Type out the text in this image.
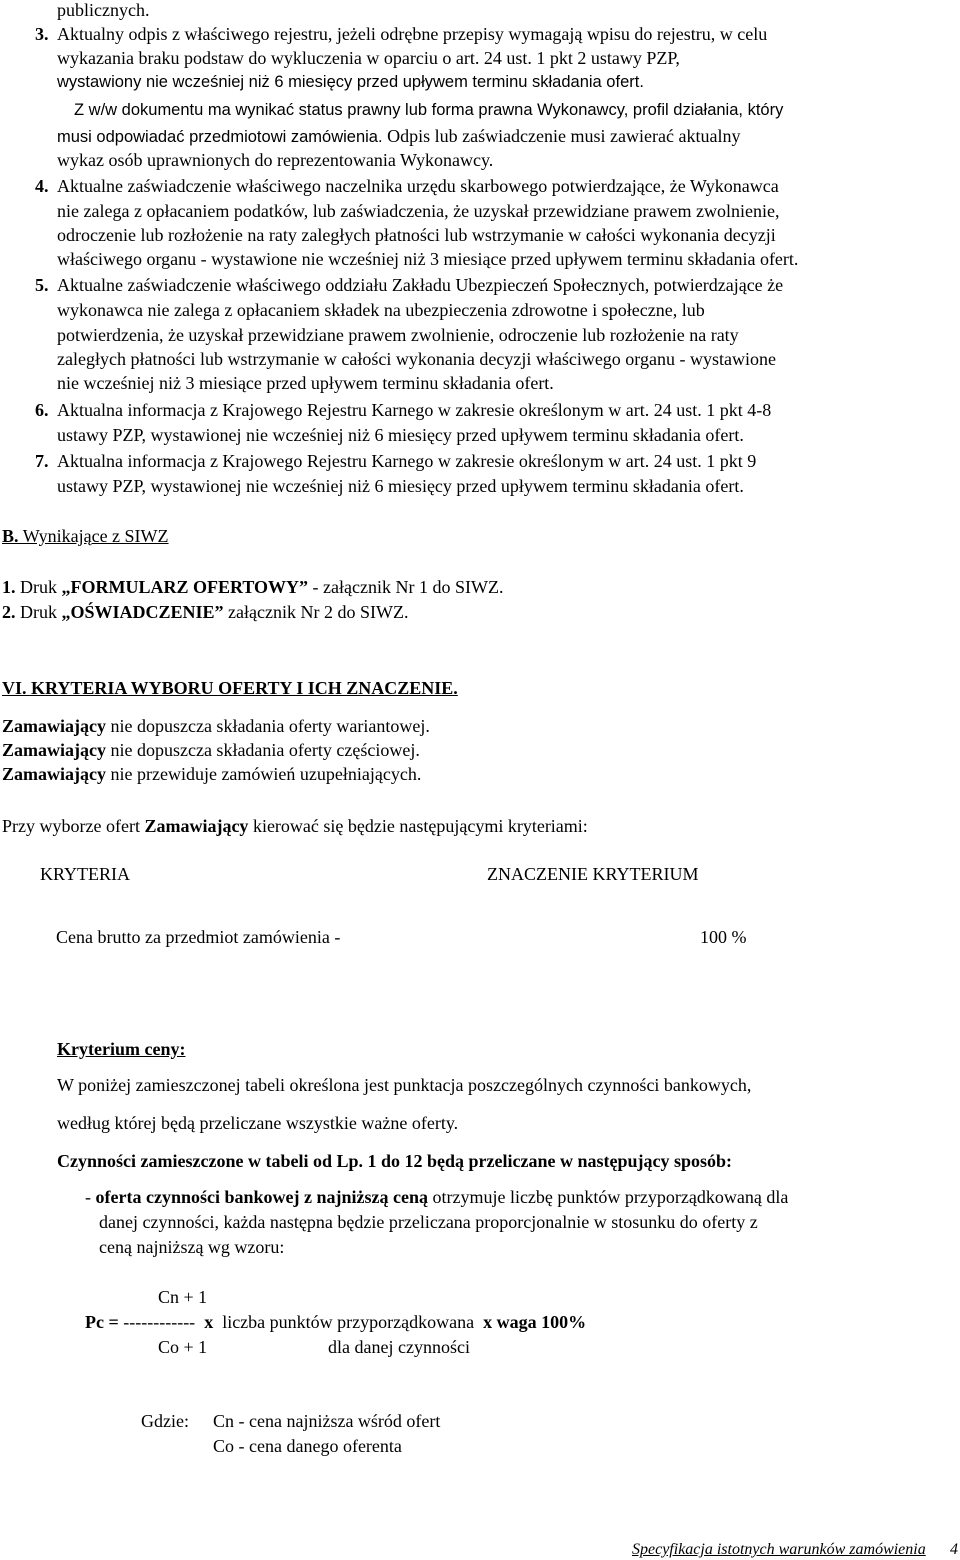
publicznych.
3. Aktualny odpis z właściwego rejestru, jeżeli odrębne przepisy wymagają wpisu do rejestru, w celu
wykazania braku podstaw do wykluczenia w oparciu o art. 24 ust. 1 pkt 2 ustawy PZP,
wystawiony nie wcześniej niż 6 miesięcy przed upływem terminu składania ofert.
Z w/w dokumentu ma wynikać status prawny lub forma prawna Wykonawcy, profil działania, który
musi odpowiadać przedmiotowi zamówienia. Odpis lub zaświadczenie musi zawierać aktualny
wykaz osób uprawnionych do reprezentowania Wykonawcy.
4. Aktualne zaświadczenie właściwego naczelnika urzędu skarbowego potwierdzające, że Wykonawca
nie zalega z opłacaniem podatków, lub zaświadczenia, że uzyskał przewidziane prawem zwolnienie,
odroczenie lub rozłożenie na raty zaległych płatności lub wstrzymanie w całości wykonania decyzji
właściwego organu - wystawione nie wcześniej niż 3 miesiące przed upływem terminu składania ofert.
5. Aktualne zaświadczenie właściwego oddziału Zakładu Ubezpieczeń Społecznych, potwierdzające że
wykonawca nie zalega z opłacaniem składek na ubezpieczenia zdrowotne i społeczne, lub
potwierdzenia, że uzyskał przewidziane prawem zwolnienie, odroczenie lub rozłożenie na raty
zaległych płatności lub wstrzymanie w całości wykonania decyzji właściwego organu - wystawione
nie wcześniej niż 3 miesiące przed upływem terminu składania ofert.
6. Aktualna informacja z Krajowego Rejestru Karnego w zakresie określonym w art. 24 ust. 1 pkt 4-8
ustawy PZP, wystawionej nie wcześniej niż 6 miesięcy przed upływem terminu składania ofert.
7. Aktualna informacja z Krajowego Rejestru Karnego w zakresie określonym w art. 24 ust. 1 pkt 9
ustawy PZP, wystawionej nie wcześniej niż 6 miesięcy przed upływem terminu składania ofert.
B. Wynikające z SIWZ
1. Druk „FORMULARZ OFERTOWY” - załącznik Nr 1 do SIWZ.
2. Druk „OŚWIADCZENIE” załącznik Nr 2 do SIWZ.
VI. KRYTERIA WYBORU OFERTY I ICH ZNACZENIE.
Zamawiający nie dopuszcza składania oferty wariantowej.
Zamawiający nie dopuszcza składania oferty częściowej.
Zamawiający nie przewiduje zamówień uzupełniających.
Przy wyborze ofert Zamawiający kierować się będzie następującymi kryteriami:
KRYTERIA	ZNACZENIE KRYTERIUM
Cena brutto za przedmiot zamówienia -	100 %
Kryterium ceny:
W poniżej zamieszczonej tabeli określona jest punktacja poszczególnych czynności bankowych,
według której będą przeliczane wszystkie ważne oferty.
Czynności zamieszczone w tabeli od Lp. 1 do 12 będą przeliczane w następujący sposób:
- oferta czynności bankowej z najniższą ceną otrzymuje liczbę punktów przyporządkowaną dla
danej czynności, każda następna będzie przeliczana proporcjonalnie w stosunku do oferty z
ceną najniższą wg wzoru:
Cn + 1
Pc = ------------ x liczba punktów przyporządkowana x waga 100%
Co + 1	dla danej czynności
Gdzie: Cn - cena najniższa wśród ofert
Co - cena danego oferenta
Specyfikacja istotnych warunków zamówienia 4
